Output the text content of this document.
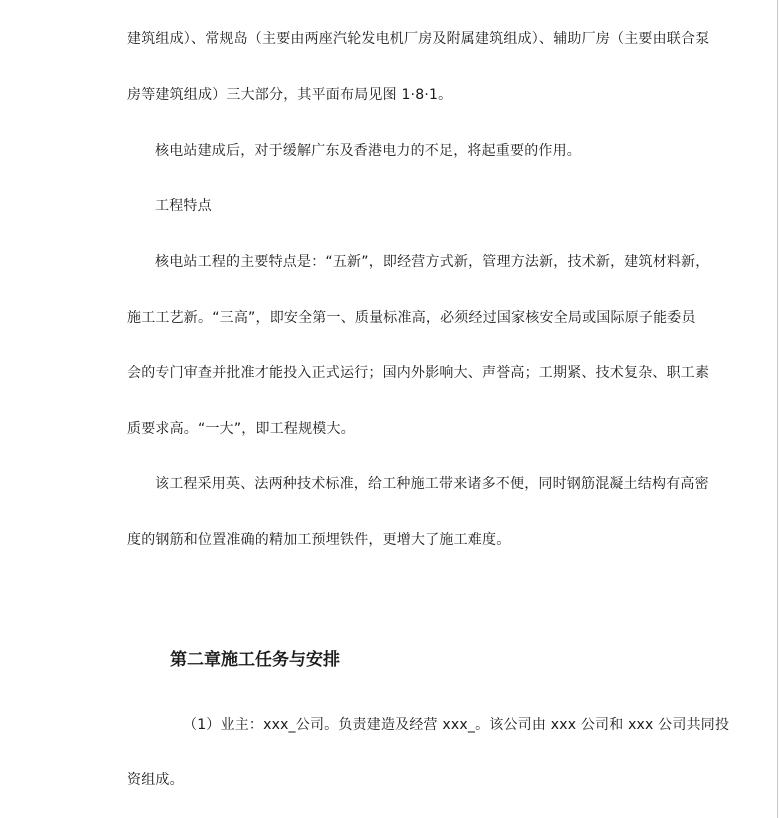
建筑组成）、常规岛（主要由两座汽轮发电机厂房及附属建筑组成）、辅助厂房（主要由联合泵
房等建筑组成）三大部分，其平面布局见图 1·8·1。
核电站建成后，对于缓解广东及香港电力的不足，将起重要的作用。
工程特点
核电站工程的主要特点是：“五新”，即经营方式新，管理方法新，技术新，建筑材料新，
施工工艺新。“三高”，即安全第一、质量标准高，必须经过国家核安全局或国际原子能委员
会的专门审查并批准才能投入正式运行；国内外影响大、声誉高；工期紧、技术复杂、职工素
质要求高。“一大”，即工程规模大。
该工程采用英、法两种技术标准，给工种施工带来诸多不便，同时钢筋混凝土结构有高密
度的钢筋和位置准确的精加工预埋铁件，更增大了施工难度。
第二章施工任务与安排
（1）业主：xxx_公司。负责建造及经营 xxx_。该公司由 xxx 公司和 xxx 公司共同投
资组成。
